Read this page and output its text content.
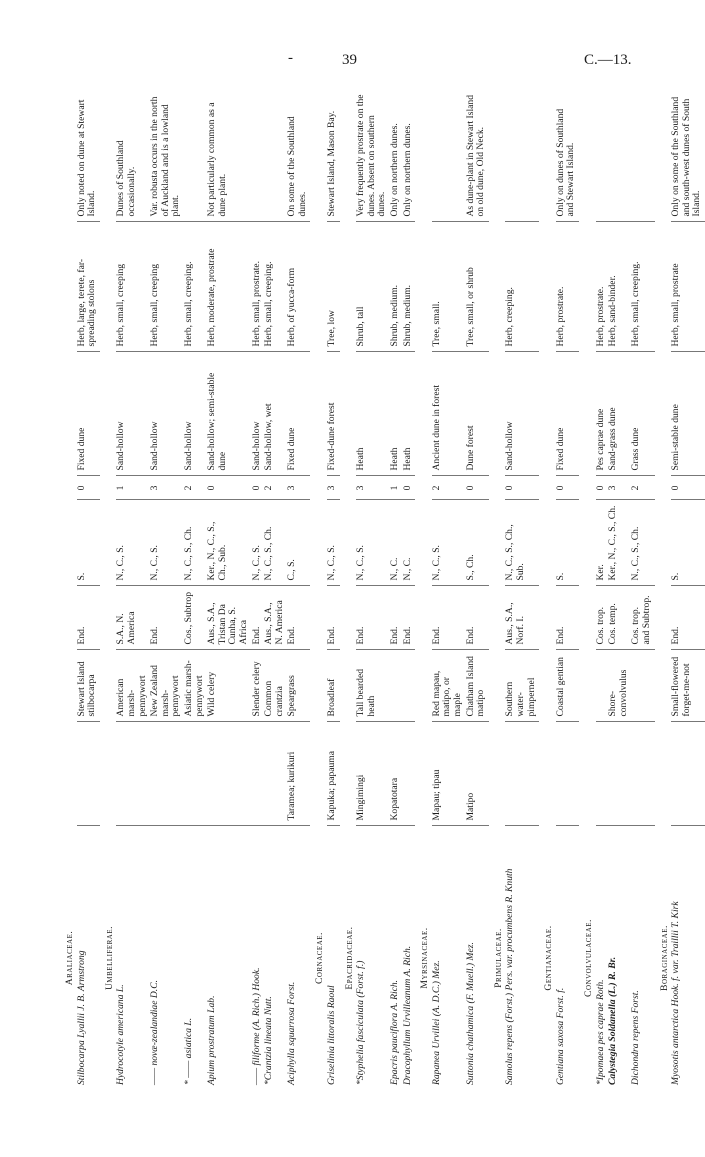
-	39	C.—13.
Araliaceae.								
Stilbocarpa Lyallii J. B. Armstrong		Stewart Island stilbocarpa	End.	S.	0	Fixed dune	Herb, large, terete, far-spreading stolons	Only noted on dune at Stewart Island.
Umbelliferae.								
Hydrocotyle americana L.		American marsh-pennywort	S.A., N. America	N., C., S.	1	Sand-hollow	Herb, small, creeping	Dunes of Southland occasionally.
—— novæ-zealandiae D.C.		New Zealand marsh-pennywort	End.	N., C., S.	3	Sand-hollow	Herb, small, creeping	Var. robusta occurs in the north of Auckland and is a lowland plant.
* —— asiatica L.		Asiatic marsh-pennywort	Cos., Subtrop	N., C., S., Ch.	2	Sand-hollow	Herb, small, creeping.	
Apium prostratum Lab.		Wild celery	Aus., S.A., Tristan Da Cunha, S. Africa	Ker., N., C., S., Ch., Sub.	0	Sand-hollow; semi-stable dune	Herb, moderate, prostrate	Not particularly common as a dune plant.
—— filiforme (A. Rich.) Hook.		Slender celery	End.	N., C., S.	0	Sand-hollow	Herb, small, prostrate.	
*Crantzia lineata Nutt.		Common crantzia	Aus., S.A., N. America	N., C., S., Ch.	2	Sand-hollow, wet	Herb, small, creeping.	
Aciphylla squarrosa Forst.	Taramea; kurikuri	Speargrass	End.	C., S.	3	Fixed dune	Herb, of yucca-form	On some of the Southland dunes.
Cornaceae.								
Griselinia littoralis Raoul	Kapuka; papauma	Broadleaf	End.	N., C., S.	3	Fixed-dune forest	Tree, low	Stewart Island, Mason Bay.
Epacridaceae.								
*Styphelia fasciculata (Forst. f.)	Mingimingi	Tall bearded heath	End.	N., C., S.	3	Heath	Shrub, tall	Very frequently prostrate on the dunes. Absent on southern dunes.
Epacris pauciflora A. Rich.	Kopatotara		End.	N., C.	1	Heath	Shrub, medium.	Only on northern dunes.
Dracophyllum Urvilleanum A. Rich.			End.	N., C.	0	Heath	Shrub, medium.	Only on northern dunes.
Myrsinaceae.								
Rapanea Urvillei (A. D.C.) Mez.	Mapau; tipau	Red mapau, matipo, or maple	End.	N., C., S.	2	Ancient dune in forest	Tree, small.	
Suttonia chathamica (F. Muell.) Mez.	Matipo	Chatham Island matipo	End.	S., Ch.	0	Dune forest	Tree, small, or shrub	As dune-plant in Stewart Island on old dune, Old Neck.
Primulaceae.								
Samolus repens (Forst.) Pers. var. procumbens R. Knuth		Southern water-pimpernel	Aus., S.A., Norf. I.	N., C., S., Ch., Sub.	0	Sand-hollow	Herb, creeping.	
Gentianaceae.								
Gentiana saxosa Forst. f.		Coastal gentian	End.	S.	0	Fixed dune	Herb, prostrate.	Only on dunes of Southland and Stewart Island.
Convolvulaceae.								
*Ipomaea pes caprae Roth.			Cos. trop.	Ker.	0	Pes caprae dune	Herb, prostrate.	
Calystegia Soldanella (L.) R. Br.		Shore-convolvulus	Cos. temp.	Ker., N., C., S., Ch.	3	Sand-grass dune	Herb, sand-binder.	
Dichondra repens Forst.			Cos. trop. and Subtrop.	N., C., S., Ch.	2	Grass dune	Herb, small, creeping.	
Boraginaceae.								
Myosotis antarctica Hook. f. var. Traillii T. Kirk		Small-flowered forget-me-not	End.	S.	0	Semi-stable dune	Herb, small, prostrate	Only on some of the Southland and south-west dunes of South Island.
